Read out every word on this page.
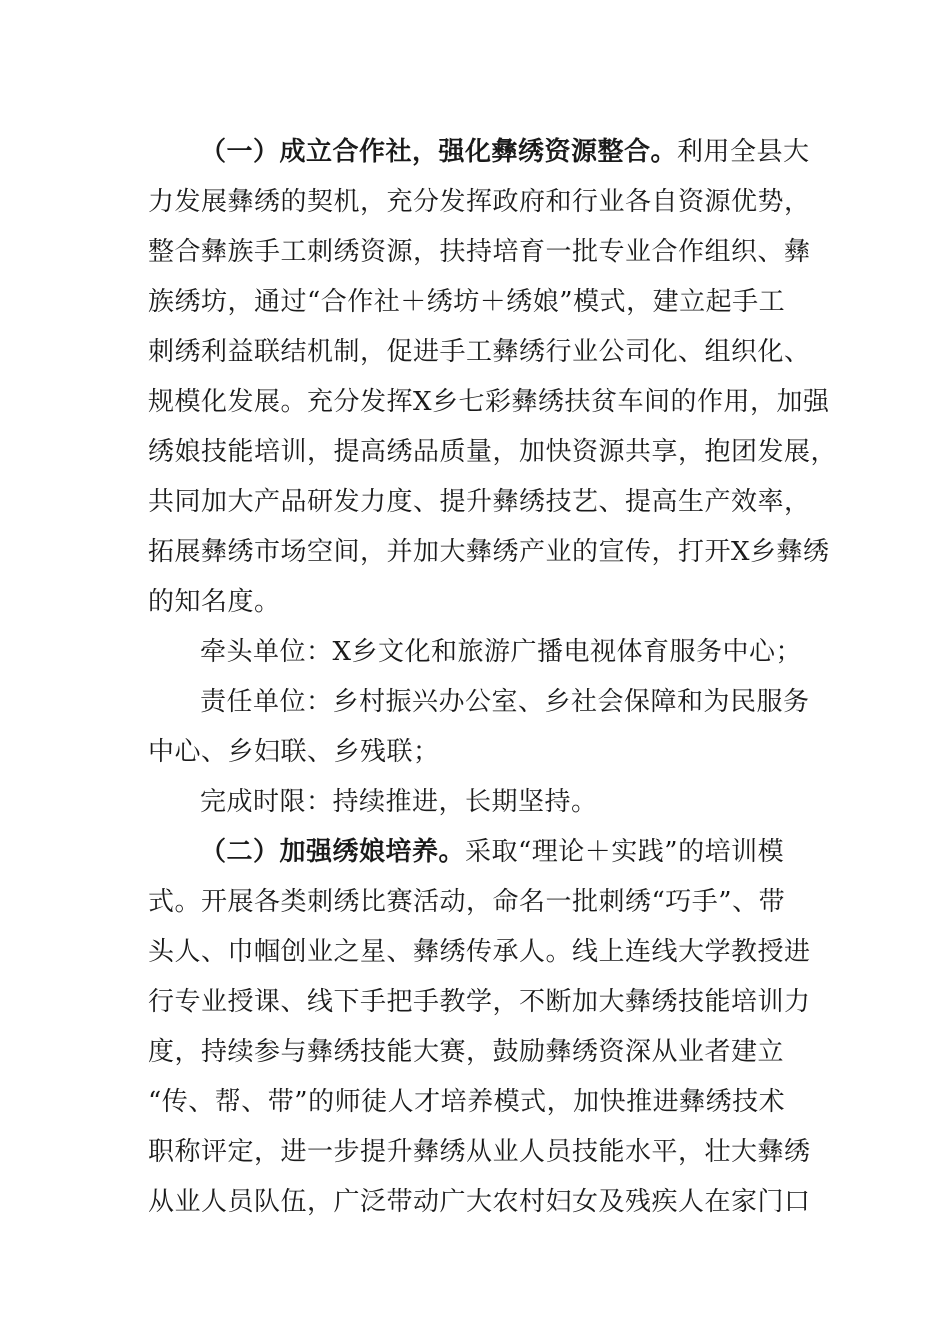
（一）成立合作社，强化彝绣资源整合。利用全县大
力发展彝绣的契机，充分发挥政府和行业各自资源优势，
整合彝族手工刺绣资源，扶持培育一批专业合作组织、彝
族绣坊，通过“合作社＋绣坊＋绣娘”模式，建立起手工
刺绣利益联结机制，促进手工彝绣行业公司化、组织化、
规模化发展。充分发挥X乡七彩彝绣扶贫车间的作用，加强
绣娘技能培训，提高绣品质量，加快资源共享，抱团发展，
共同加大产品研发力度、提升彝绣技艺、提高生产效率，
拓展彝绣市场空间，并加大彝绣产业的宣传，打开X乡彝绣
的知名度。
牵头单位：X乡文化和旅游广播电视体育服务中心；
责任单位：乡村振兴办公室、乡社会保障和为民服务
中心、乡妇联、乡残联；
完成时限：持续推进，长期坚持。
（二）加强绣娘培养。采取“理论＋实践”的培训模
式。开展各类刺绣比赛活动，命名一批刺绣“巧手”、带
头人、巾帼创业之星、彝绣传承人。线上连线大学教授进
行专业授课、线下手把手教学，不断加大彝绣技能培训力
度，持续参与彝绣技能大赛，鼓励彝绣资深从业者建立
“传、帮、带”的师徒人才培养模式，加快推进彝绣技术
职称评定，进一步提升彝绣从业人员技能水平，壮大彝绣
从业人员队伍，广泛带动广大农村妇女及残疾人在家门口
